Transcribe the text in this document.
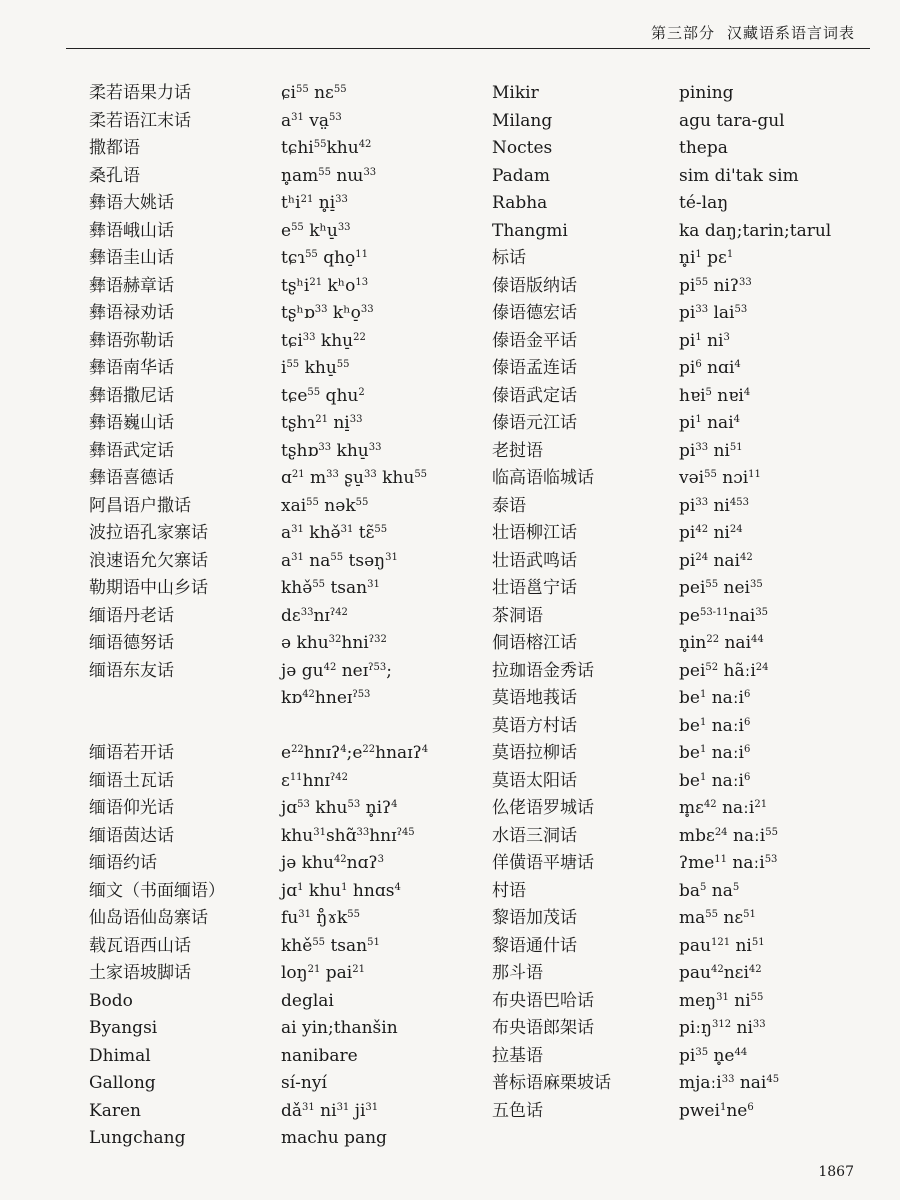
第三部分 汉藏语系语言词表
柔若语果力话
柔若语江末话
撒都语
桑孔语
彝语大姚话
彝语峨山话
彝语圭山话
彝语赫章话
彝语禄劝话
彝语弥勒话
彝语南华话
彝语撒尼话
彝语巍山话
彝语武定话
彝语喜德话
阿昌语户撒话
波拉语孔家寨话
浪速语允欠寨话
勒期语中山乡话
缅语丹老话
缅语德努话
缅语东友话
缅语若开话
缅语土瓦话
缅语仰光话
缅语茵达话
缅语约话
缅文（书面缅语）
仙岛语仙岛寨话
载瓦语西山话
土家语坡脚话
Bodo
Byangsi
Dhimal
Gallong
Karen
Lungchang
ɕi$^{55}$ nɛ$^{55}$
$a^{31}$ va̤$^{53}$
tɕhi$^{55}$khu$^{42}$
$n̥am^{55}$ nɯ$^{33}$
tʰi$^{21}$ n̥i̠$^{33}$
$e^{55}$ kʰu̠$^{33}$
tɕɿ$^{55}$ qho̠$^{11}$
tʂʰi$^{21}$ kʰo$^{13}$
tʂʰɒ$^{33}$ kʰo̠$^{33}$
tɕi$^{33}$ khu̠$^{22}$
$i^{55}$ khu̠$^{55}$
tɕe$^{55}$ qhu$^2$
tʂhɿ$^{21}$ ni̠$^{33}$
tʂhɒ$^{33}$ khu̠$^{33}$
ɑ$^{21}$ $m^{33}$ ʂu̠$^{33}$ khu$^{55}$
xai$^{55}$ nək$^{55}$
$a^{31}$ khə̌$^{31}$ tɛ̃$^{55}$
$a^{31}$ $na^{55}$ tsəŋ$^{31}$
khə̌$^{55}$ tsan$^{31}$
dɛ$^{33}$nɪ$^{ʔ42}$
ə khu$^{32}$hni$^{ʔ32}$
jə $gu^{42}$ neɪ$^{ʔ53}$;
kɒ$^{42}$hneɪ$^{ʔ53}$
$e^{22}hnɪʔ^4;e^{22}hnaɪʔ^4$
ɛ$^{11}$hnɪ$^{ʔ42}$
jɑ$^{53}$ khu$^{53}$ n̥iʔ$^4$
khu$^{31}$shɑ̃$^{33}$hnɪ$^{ʔ45}$
jə khu$^{42}$nɑʔ$^3$
jɑ$^1$ khu$^1$ hnɑs$^4$
$fu^{31}$ ŋ̊ɤk$^{55}$
khě$^{55}$ tsan$^{51}$
loŋ$^{21}$ pai$^{21}$
deglai
ai yin;thanšin
nanibare
sí-nyí
$dǎ^{31}$ $ni^{31}$ $ji^{31}$
machu pang
Mikir
Milang
Noctes
Padam
Rabha
Thangmi
标话
傣语版纳话
傣语德宏话
傣语金平话
傣语孟连话
傣语武定话
傣语元江话
老挝语
临高语临城话
泰语
壮语柳江话
壮语武鸣话
壮语邕宁话
茶洞语
侗语榕江话
拉珈语金秀话
莫语地莪话
莫语方村话
莫语拉柳话
莫语太阳话
仫佬语罗城话
水语三洞话
佯僙语平塘话
村语
黎语加茂话
黎语通什话
那斗语
布央语巴哈话
布央语郎架话
拉基语
普标语麻栗坡话
五色话
pining
agu tara-gul
thepa
sim di'tak sim
té-laŋ
ka daŋ;tarin;tarul
$n̥i^1$ pɛ$^1$
$pi^{55}$ niʔ$^{33}$
$pi^{33}$ lai$^{53}$
$pi^1$ $ni^3$
$pi^6$ nɑi$^4$
hɐi$^5$ nɐi$^4$
$pi^1$ nai$^4$
$pi^{33}$ $ni^{51}$
vəi$^{55}$ nɔi$^{11}$
$pi^{33}$ $ni^{453}$
$pi^{42}$ $ni^{24}$
$pi^{24}$ nai$^{42}$
pei$^{55}$ nei$^{35}$
$pe^{53-11}nai^{35}$
$n̥in^{22}$ nai$^{44}$
pei$^{52}$ hãːi$^{24}$
$be^1$ naːi$^6$
$be^1$ naːi$^6$
$be^1$ naːi$^6$
$be^1$ naːi$^6$
m̥ɛ$^{42}$ naːi$^{21}$
mbɛ$^{24}$ naːi$^{55}$
ʔme$^{11}$ naːi$^{53}$
$ba^5$ $na^5$
$ma^{55}$ nɛ$^{51}$
pau$^{121}$ $ni^{51}$
pau$^{42}$nɛi$^{42}$
meŋ$^{31}$ $ni^{55}$
piːŋ$^{312}$ $ni^{33}$
$pi^{35}$ $n̥e^{44}$
mjaːi$^{33}$ nai$^{45}$
$pwei^1ne^6$
1867
